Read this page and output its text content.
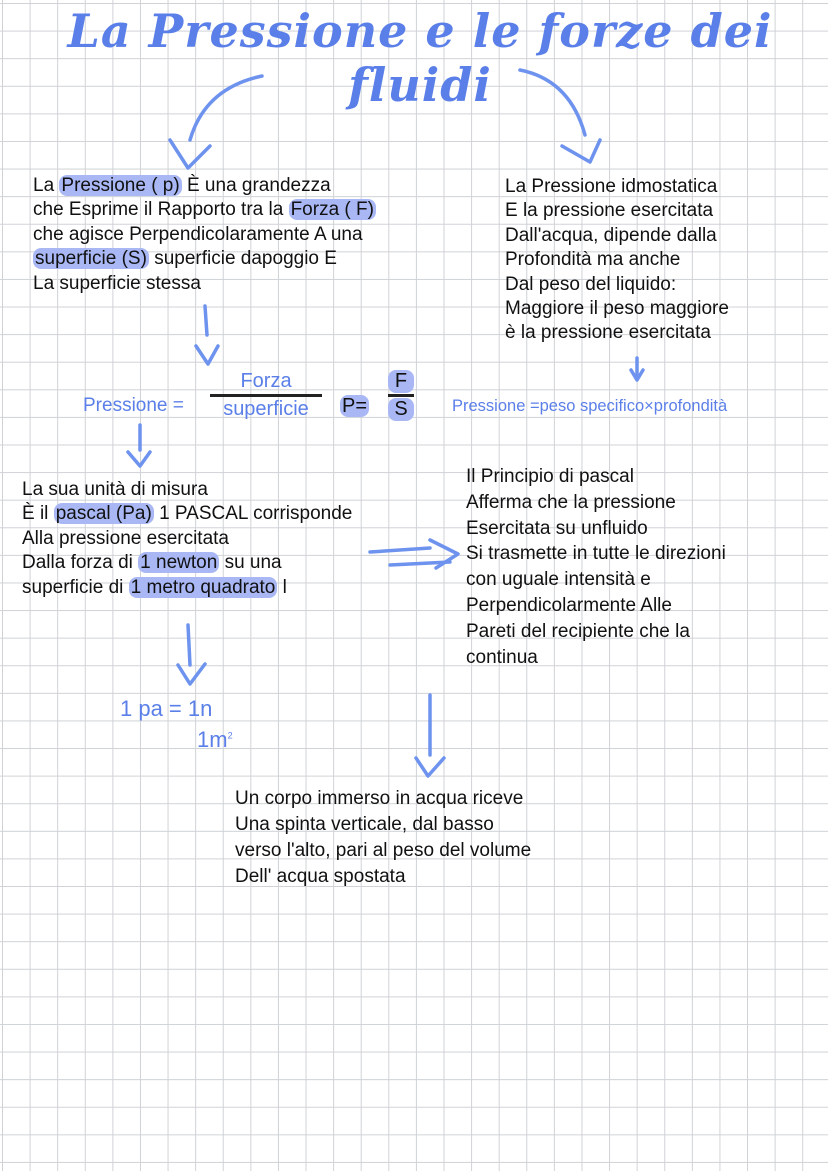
La Pressione e le forze dei fluidi
La Pressione ( p) È una grandezza
che Esprime il Rapporto tra la Forza ( F)
che agisce Perpendicolaramente A una
superficie (S) superficie dapoggio E
La superficie stessa
La Pressione idmostatica
E la pressione esercitata
Dall'acqua, dipende dalla
Profondità ma anche
Dal peso del liquido:
Maggiore il peso maggiore
è la pressione esercitata
La sua unità di misura
È il pascal (Pa) 1 PASCAL corrisponde
Alla pressione esercitata
Dalla forza di 1 newton su una
superficie di 1 metro quadrato l
Il Principio di pascal
Afferma che la pressione
Esercitata su unfluido
Si trasmette in tutte le direzioni
con uguale intensità e
Perpendicolarmente Alle
Pareti del recipiente che la
continua
Un corpo immerso in acqua riceve
Una spinta verticale, dal basso
verso l'alto, pari al peso del volume
Dell' acqua spostata
Pressione =
Forza
superficie	P=
F
S	Pressione =peso specifico×profondità
1 pa = 1n
$1m^2$
